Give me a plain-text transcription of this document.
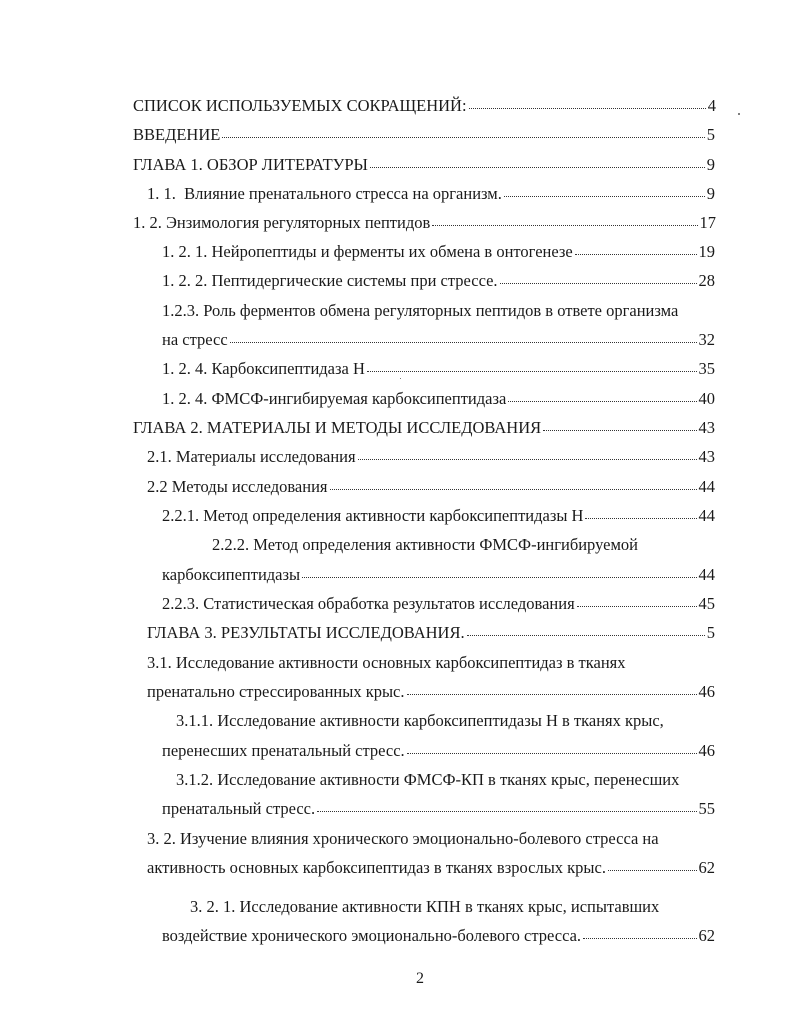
СПИСОК ИСПОЛЬЗУЕМЫХ СОКРАЩЕНИЙ:	4
ВВЕДЕНИЕ	5
ГЛАВА 1. ОБЗОР ЛИТЕРАТУРЫ	9
1. 1.  Влияние пренатального стресса на организм.	9
1. 2. Энзимология регуляторных пептидов	17
1. 2. 1. Нейропептиды и ферменты их обмена в онтогенезе	19
1. 2. 2. Пептидергические системы при стрессе.	28
1.2.3. Роль ферментов обмена регуляторных пептидов в ответе организма
на стресс	32
1. 2. 4. Карбоксипептидаза Н	35
1. 2. 4. ФМСФ-ингибируемая карбоксипептидаза	40
ГЛАВА 2. МАТЕРИАЛЫ И МЕТОДЫ ИССЛЕДОВАНИЯ	43
2.1. Материалы исследования	43
2.2 Методы исследования	44
2.2.1. Метод определения активности карбоксипептидазы Н	44
2.2.2. Метод определения активности ФМСФ-ингибируемой
карбоксипептидазы	44
2.2.3. Статистическая обработка результатов исследования	45
ГЛАВА 3. РЕЗУЛЬТАТЫ ИССЛЕДОВАНИЯ.	5
3.1. Исследование активности основных карбоксипептидаз в тканях
пренатально стрессированных крыс.	46
3.1.1. Исследование активности карбоксипептидазы Н в тканях крыс,
перенесших пренатальный стресс.	46
3.1.2. Исследование активности ФМСФ-КП в тканях крыс, перенесших
пренатальный стресс.	55
3. 2. Изучение влияния хронического эмоционально-болевого стресса на
активность основных карбоксипептидаз в тканях взрослых крыс.	62
3. 2. 1. Исследование активности КПН в тканях крыс, испытавших
воздействие хронического эмоционально-болевого стресса.	62
2
